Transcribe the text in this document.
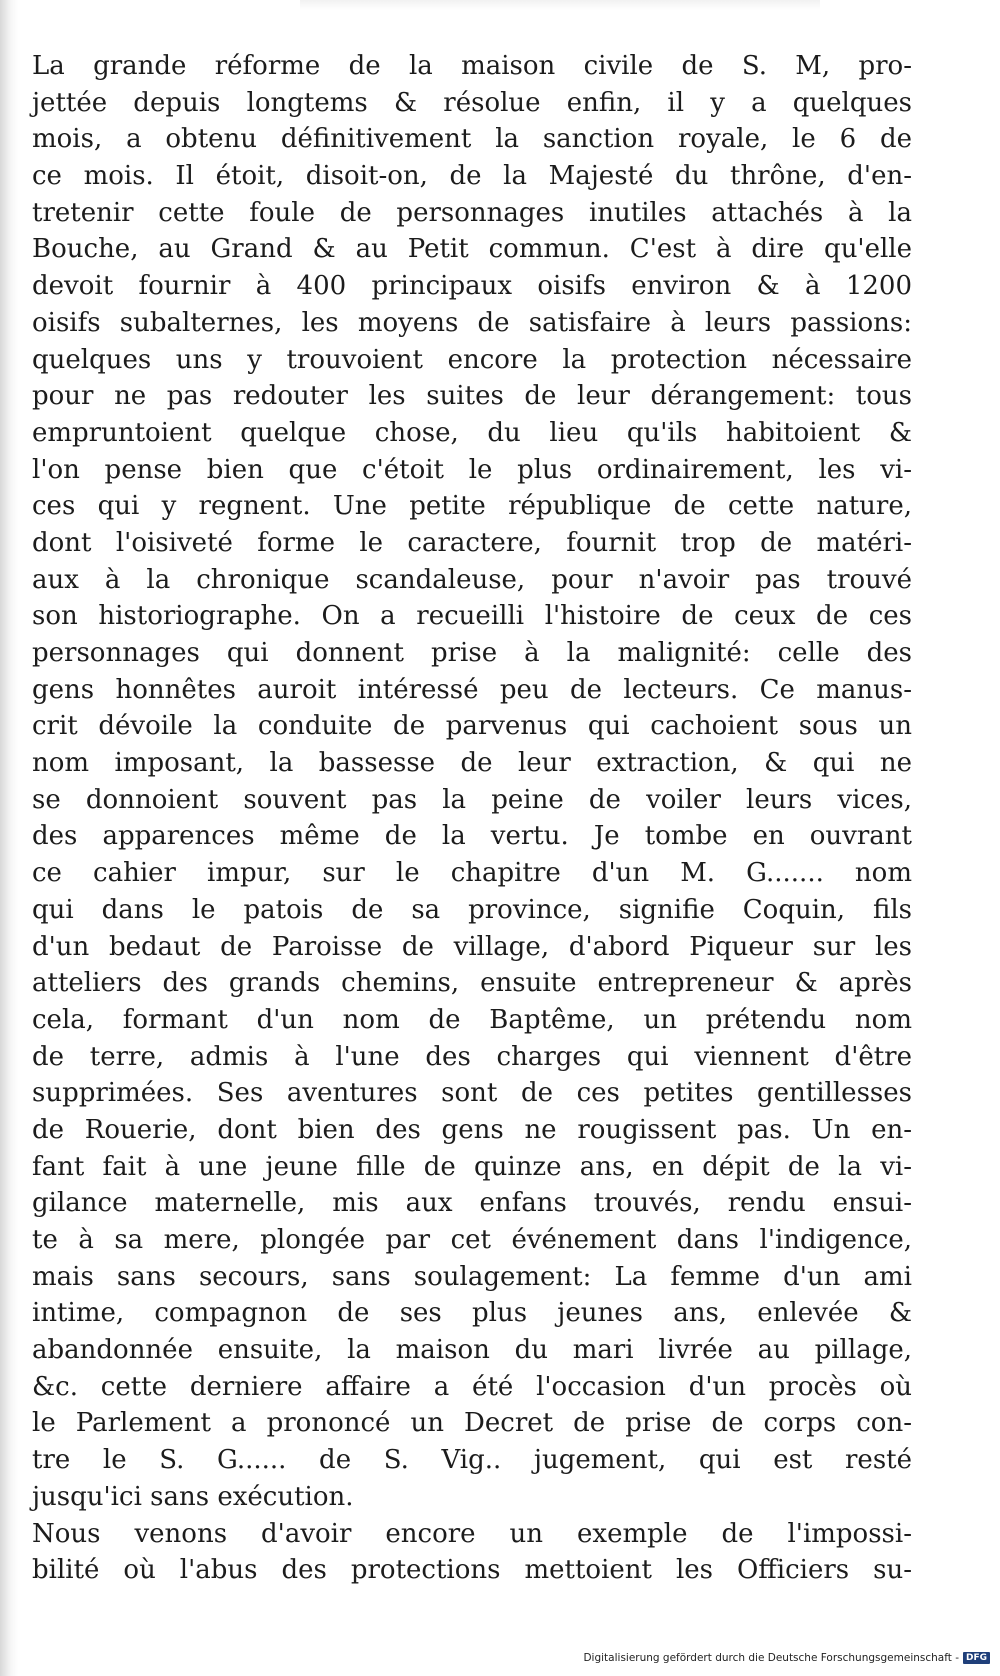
La grande réforme de la maison civile de S. M, pro-
jettée depuis longtems & résolue enfin, il y a quelques
mois, a obtenu définitivement la sanction royale, le 6 de
ce mois. Il étoit, disoit-on, de la Majesté du thrône, d'en-
tretenir cette foule de personnages inutiles attachés à la
Bouche, au Grand & au Petit commun. C'est à dire qu'elle
devoit fournir à 400 principaux oisifs environ & à 1200
oisifs subalternes, les moyens de satisfaire à leurs passions:
quelques uns y trouvoient encore la protection nécessaire
pour ne pas redouter les suites de leur dérangement: tous
empruntoient quelque chose, du lieu qu'ils habitoient &
l'on pense bien que c'étoit le plus ordinairement, les vi-
ces qui y regnent. Une petite république de cette nature,
dont l'oisiveté forme le caractere, fournit trop de matéri-
aux à la chronique scandaleuse, pour n'avoir pas trouvé
son historiographe. On a recueilli l'histoire de ceux de ces
personnages qui donnent prise à la malignité: celle des
gens honnêtes auroit intéressé peu de lecteurs. Ce manus-
crit dévoile la conduite de parvenus qui cachoient sous un
nom imposant, la bassesse de leur extraction, & qui ne
se donnoient souvent pas la peine de voiler leurs vices,
des apparences même de la vertu. Je tombe en ouvrant
ce cahier impur, sur le chapitre d'un M. G....... nom
qui dans le patois de sa province, signifie Coquin, fils
d'un bedaut de Paroisse de village, d'abord Piqueur sur les
atteliers des grands chemins, ensuite entrepreneur & après
cela, formant d'un nom de Baptême, un prétendu nom
de terre, admis à l'une des charges qui viennent d'être
supprimées. Ses aventures sont de ces petites gentillesses
de Rouerie, dont bien des gens ne rougissent pas. Un en-
fant fait à une jeune fille de quinze ans, en dépit de la vi-
gilance maternelle, mis aux enfans trouvés, rendu ensui-
te à sa mere, plongée par cet événement dans l'indigence,
mais sans secours, sans soulagement: La femme d'un ami
intime, compagnon de ses plus jeunes ans, enlevée &
abandonnée ensuite, la maison du mari livrée au pillage,
&c. cette derniere affaire a été l'occasion d'un procès où
le Parlement a prononcé un Decret de prise de corps con-
tre le S. G...... de S. Vig.. jugement, qui est resté
jusqu'ici sans exécution.
Nous venons d'avoir encore un exemple de l'impossi-
bilité où l'abus des protections mettoient les Officiers su-
Digitalisierung gefördert durch die Deutsche Forschungsgemeinschaft - DFG
